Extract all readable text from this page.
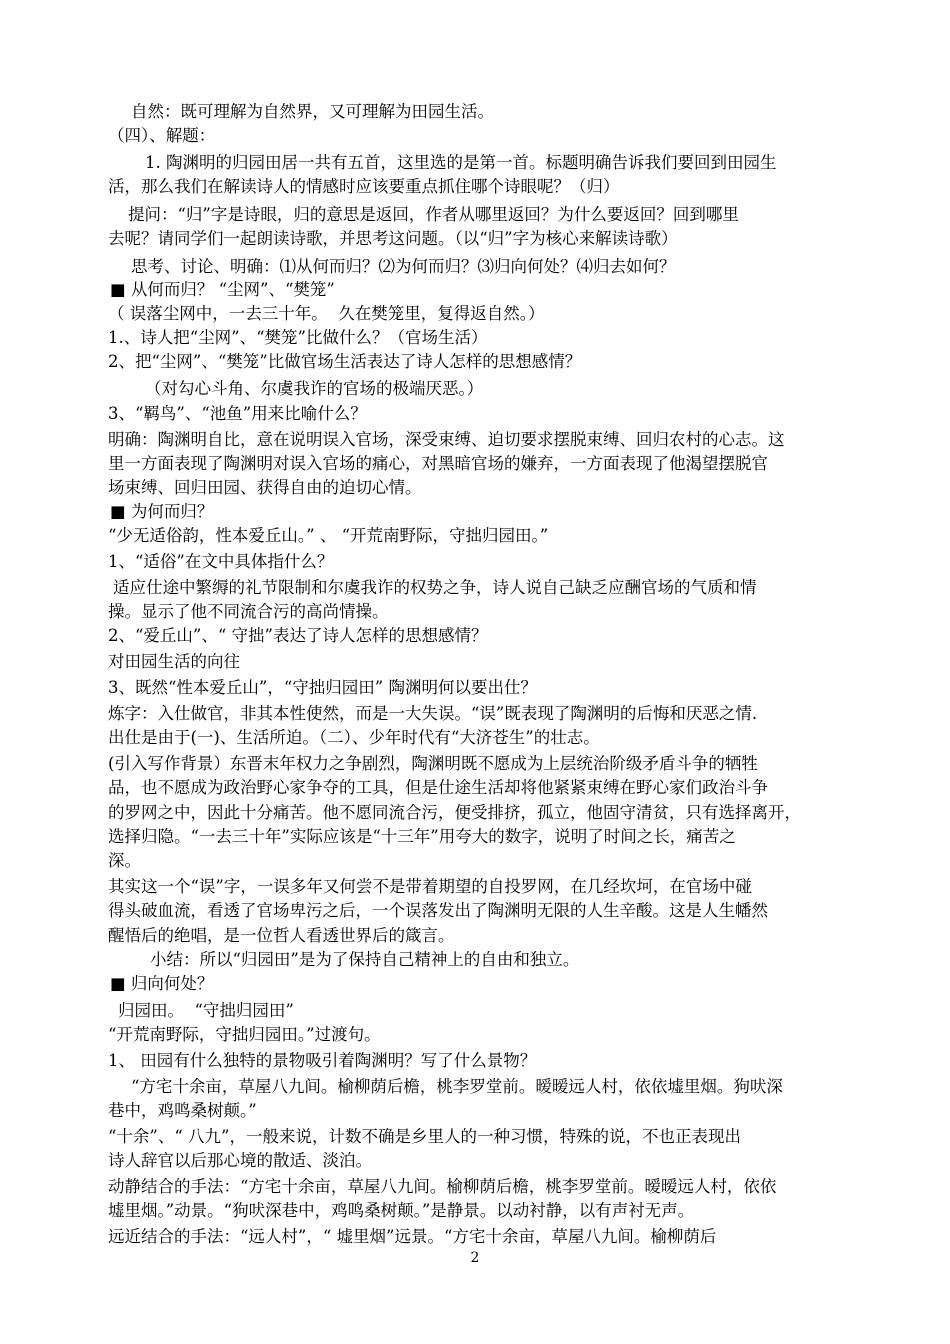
自然：既可理解为自然界，又可理解为田园生活。
（四）、解题：
1. 陶渊明的归园田居一共有五首，这里选的是第一首。标题明确告诉我们要回到田园生
活，那么我们在解读诗人的情感时应该要重点抓住哪个诗眼呢？（归）
提问：“归”字是诗眼，归的意思是返回，作者从哪里返回？为什么要返回？回到哪里
去呢？请同学们一起朗读诗歌，并思考这问题。（以“归”字为核心来解读诗歌）
思考、讨论、明确：⑴从何而归？⑵为何而归？⑶归向何处？⑷归去如何？
■ 从何而归？ “尘网”、“樊笼”
（ 误落尘网中，一去三十年。  久在樊笼里，复得返自然。）
1.、诗人把“尘网”、“樊笼”比做什么？（官场生活）
2、把“尘网”、“樊笼”比做官场生活表达了诗人怎样的思想感情？
（对勾心斗角、尔虞我诈的官场的极端厌恶。）
3、“羁鸟”、“池鱼”用来比喻什么？
明确：陶渊明自比，意在说明误入官场，深受束缚、迫切要求摆脱束缚、回归农村的心志。这
里一方面表现了陶渊明对误入官场的痛心，对黑暗官场的嫌弃，一方面表现了他渴望摆脱官
场束缚、回归田园、获得自由的迫切心情。
■ 为何而归？
“少无适俗韵，性本爱丘山。” 、 “开荒南野际，守拙归园田。”
1、“适俗”在文中具体指什么？
适应仕途中繁缛的礼节限制和尔虞我诈的权势之争，诗人说自己缺乏应酬官场的气质和情
操。显示了他不同流合污的高尚情操。
2、“爱丘山”、“ 守拙”表达了诗人怎样的思想感情？
对田园生活的向往
3、既然“性本爱丘山”，“守拙归园田” 陶渊明何以要出仕？
炼字：入仕做官，非其本性使然，而是一大失误。“误”既表现了陶渊明的后悔和厌恶之情.
出仕是由于(一)、生活所迫。（二）、少年时代有“大济苍生”的壮志。
(引入写作背景）东晋末年权力之争剧烈，陶渊明既不愿成为上层统治阶级矛盾斗争的牺牲
品，也不愿成为政治野心家争夺的工具，但是仕途生活却将他紧紧束缚在野心家们政治斗争
的罗网之中，因此十分痛苦。他不愿同流合污，便受排挤，孤立，他固守清贫，只有选择离开，
选择归隐。“一去三十年”实际应该是“十三年”用夸大的数字，说明了时间之长，痛苦之
深。
其实这一个“误”字，一误多年又何尝不是带着期望的自投罗网，在几经坎坷，在官场中碰
得头破血流，看透了官场卑污之后，一个误落发出了陶渊明无限的人生辛酸。这是人生幡然
醒悟后的绝唱，是一位哲人看透世界后的箴言。
小结：所以“归园田”是为了保持自己精神上的自由和独立。
■ 归向何处？
归园田。  “守拙归园田”
“开荒南野际，守拙归园田。”过渡句。
1、 田园有什么独特的景物吸引着陶渊明？写了什么景物？
“方宅十余亩，草屋八九间。榆柳荫后檐，桃李罗堂前。暧暧远人村，依依墟里烟。狗吠深
巷中，鸡鸣桑树颠。”
“十余”、“ 八九”，一般来说，计数不确是乡里人的一种习惯，特殊的说，不也正表现出
诗人辞官以后那心境的散适、淡泊。
动静结合的手法：“方宅十余亩，草屋八九间。榆柳荫后檐，桃李罗堂前。暧暧远人村，依依
墟里烟。”动景。“狗吠深巷中，鸡鸣桑树颠。”是静景。以动衬静，以有声衬无声。
远近结合的手法：“远人村”，“ 墟里烟”远景。“方宅十余亩，草屋八九间。榆柳荫后
2
